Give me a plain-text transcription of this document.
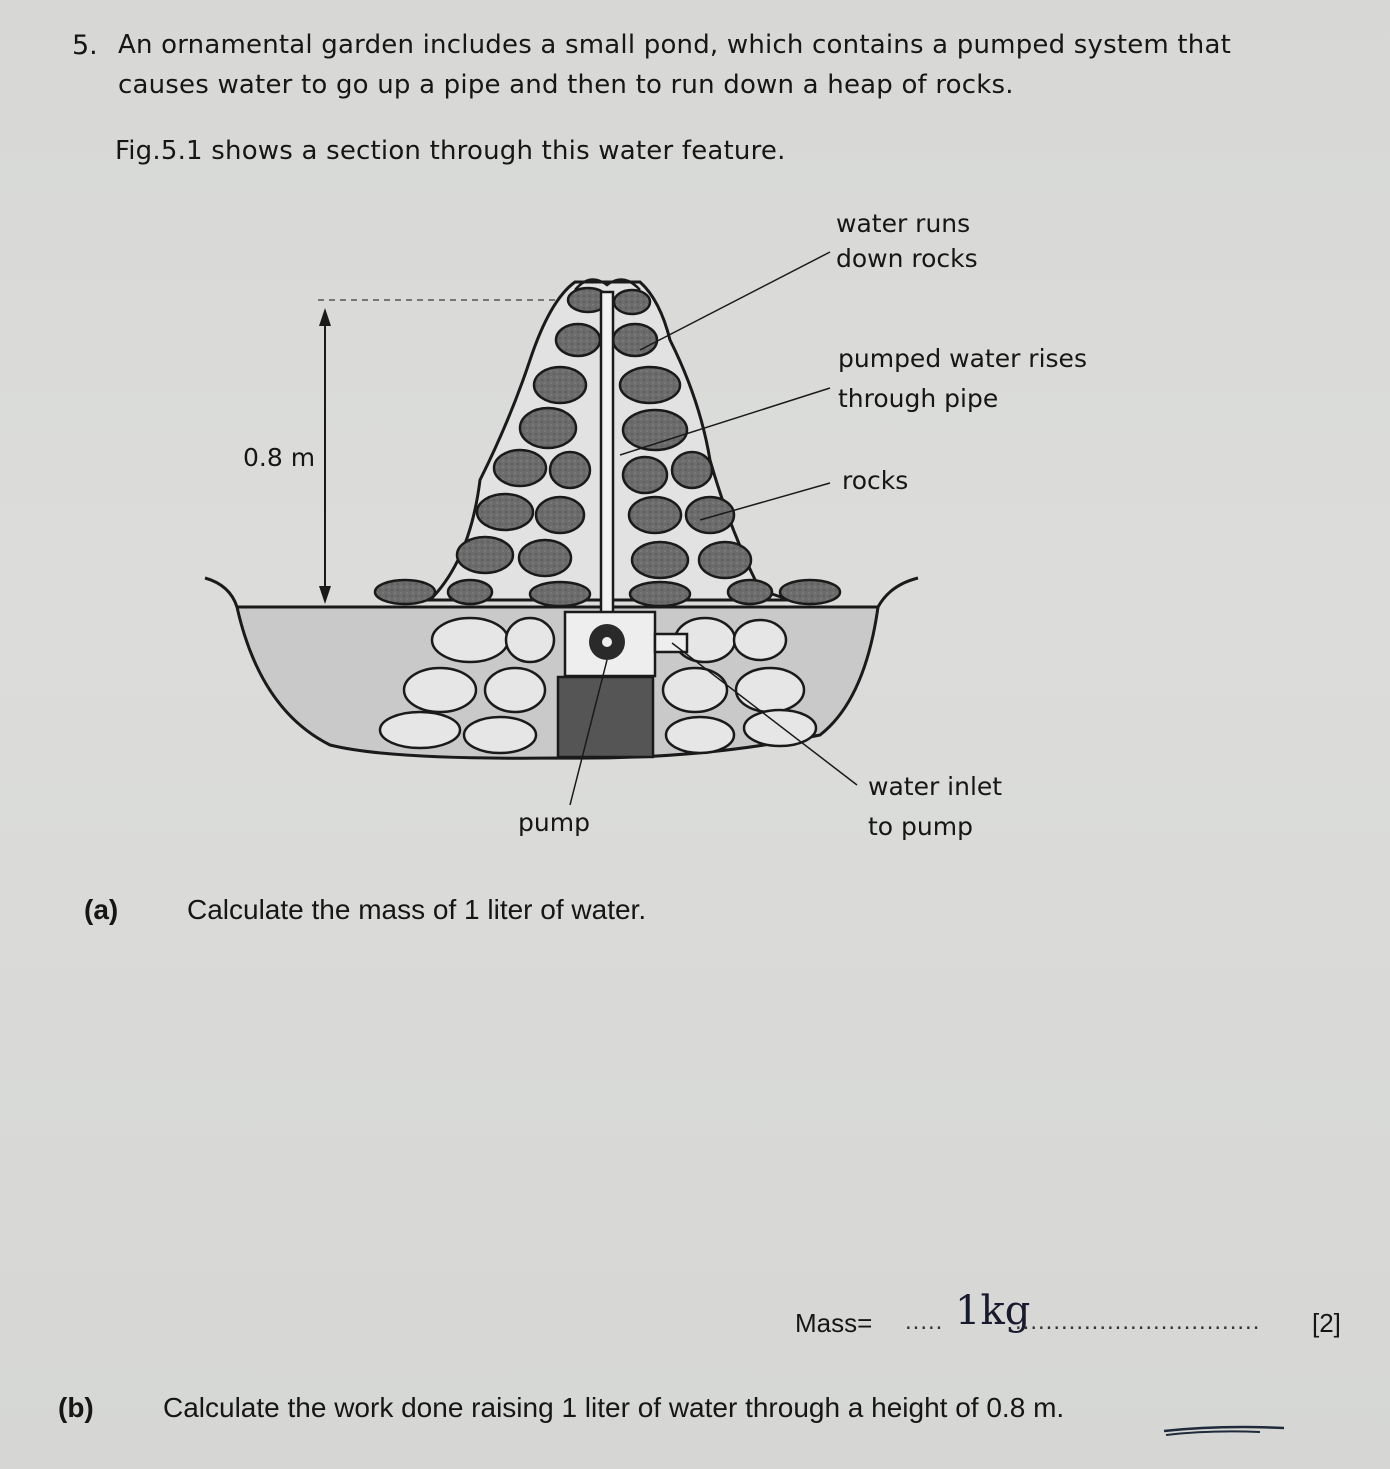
5. An ornamental garden includes a small pond, which contains a pumped system that
causes water to go up a pipe and then to run down a heap of rocks.
Fig.5.1 shows a section through this water feature.
water runs
down rocks
pumped water rises
through pipe
rocks
0.8 m
pump
water inlet
to pump
(a) Calculate the mass of 1 liter of water.
Mass= ..... 1kg
................................ [2]
(b) Calculate the work done raising 1 liter of water through a height of 0.8 m.
